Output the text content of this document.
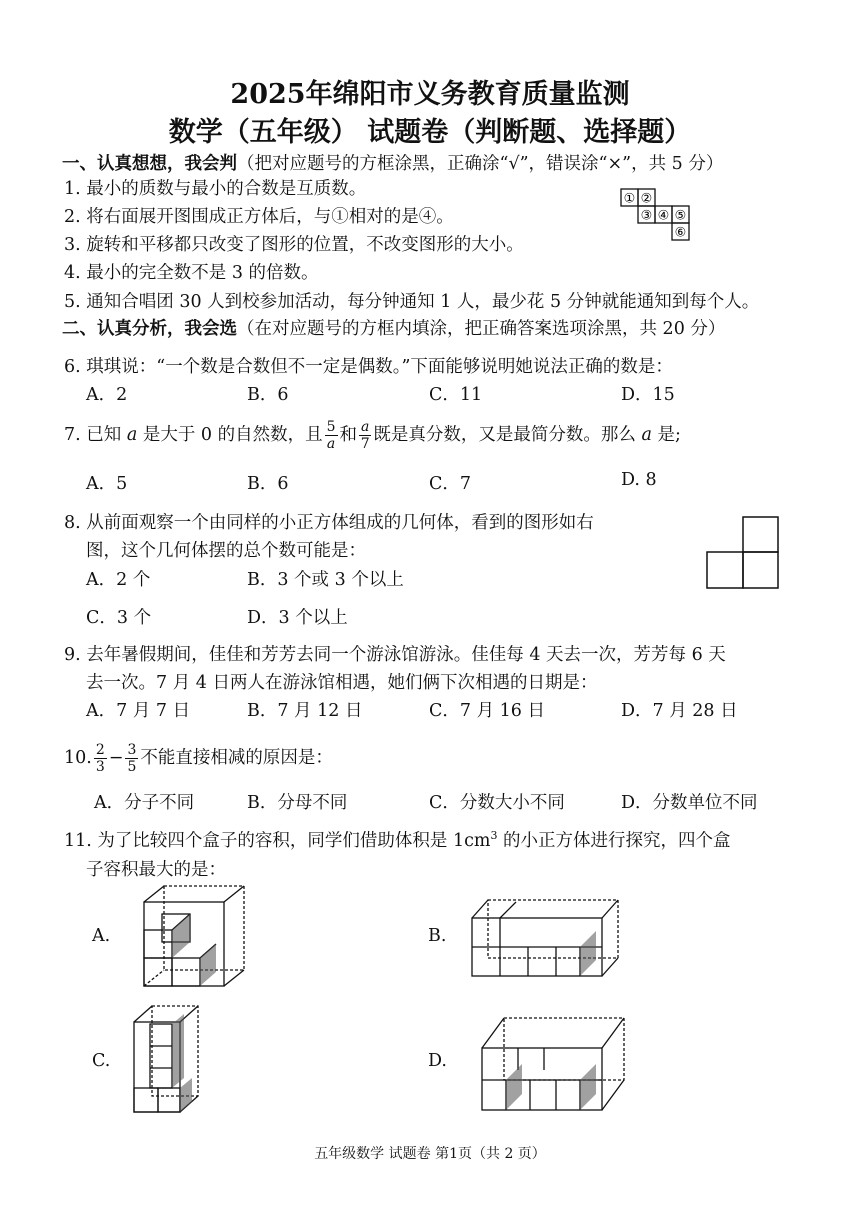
2025年绵阳市义务教育质量监测
数学（五年级） 试题卷（判断题、选择题）
一、认真想想，我会判（把对应题号的方框涂黑，正确涂“√”，错误涂“×”，共 5 分）
1. 最小的质数与最小的合数是互质数。
2. 将右面展开图围成正方体后，与①相对的是④。
3. 旋转和平移都只改变了图形的位置，不改变图形的大小。
4. 最小的完全数不是 3 的倍数。
5. 通知合唱团 30 人到校参加活动，每分钟通知 1 人，最少花 5 分钟就能通知到每个人。
① ②
③ ④ ⑤
⑥
二、认真分析，我会选（在对应题号的方框内填涂，把正确答案选项涂黑，共 20 分）
6. 琪琪说：“一个数是合数但不一定是偶数。”下面能够说明她说法正确的数是：
A．2	B．6	C．11	D．15
7. 已知 a 是大于 0 的自然数，且 $\frac{5}{a}$ 和 $\frac{a}{7}$ 既是真分数，又是最简分数。那么 a 是;
A．5	B．6	C．7	D. 8
8. 从前面观察一个由同样的小正方体组成的几何体，看到的图形如右
图，这个几何体摆的总个数可能是：
A．2 个	B．3 个或 3 个以上
C．3 个	D．3 个以上
9. 去年暑假期间，佳佳和芳芳去同一个游泳馆游泳。佳佳每 4 天去一次，芳芳每 6 天
去一次。7 月 4 日两人在游泳馆相遇，她们俩下次相遇的日期是：
A．7 月 7 日	B．7 月 12 日	C．7 月 16 日	D．7 月 28 日
10. $\frac{2}{3} - \frac{3}{5}$ 不能直接相减的原因是：
A．分子不同	B．分母不同	C．分数大小不同	D．分数单位不同
11. 为了比较四个盒子的容积，同学们借助体积是 $1cm^3$ 的小正方体进行探究，四个盒
子容积最大的是：
A.	B.
C.	D.
五年级数学 试题卷 第1页（共 2 页）
